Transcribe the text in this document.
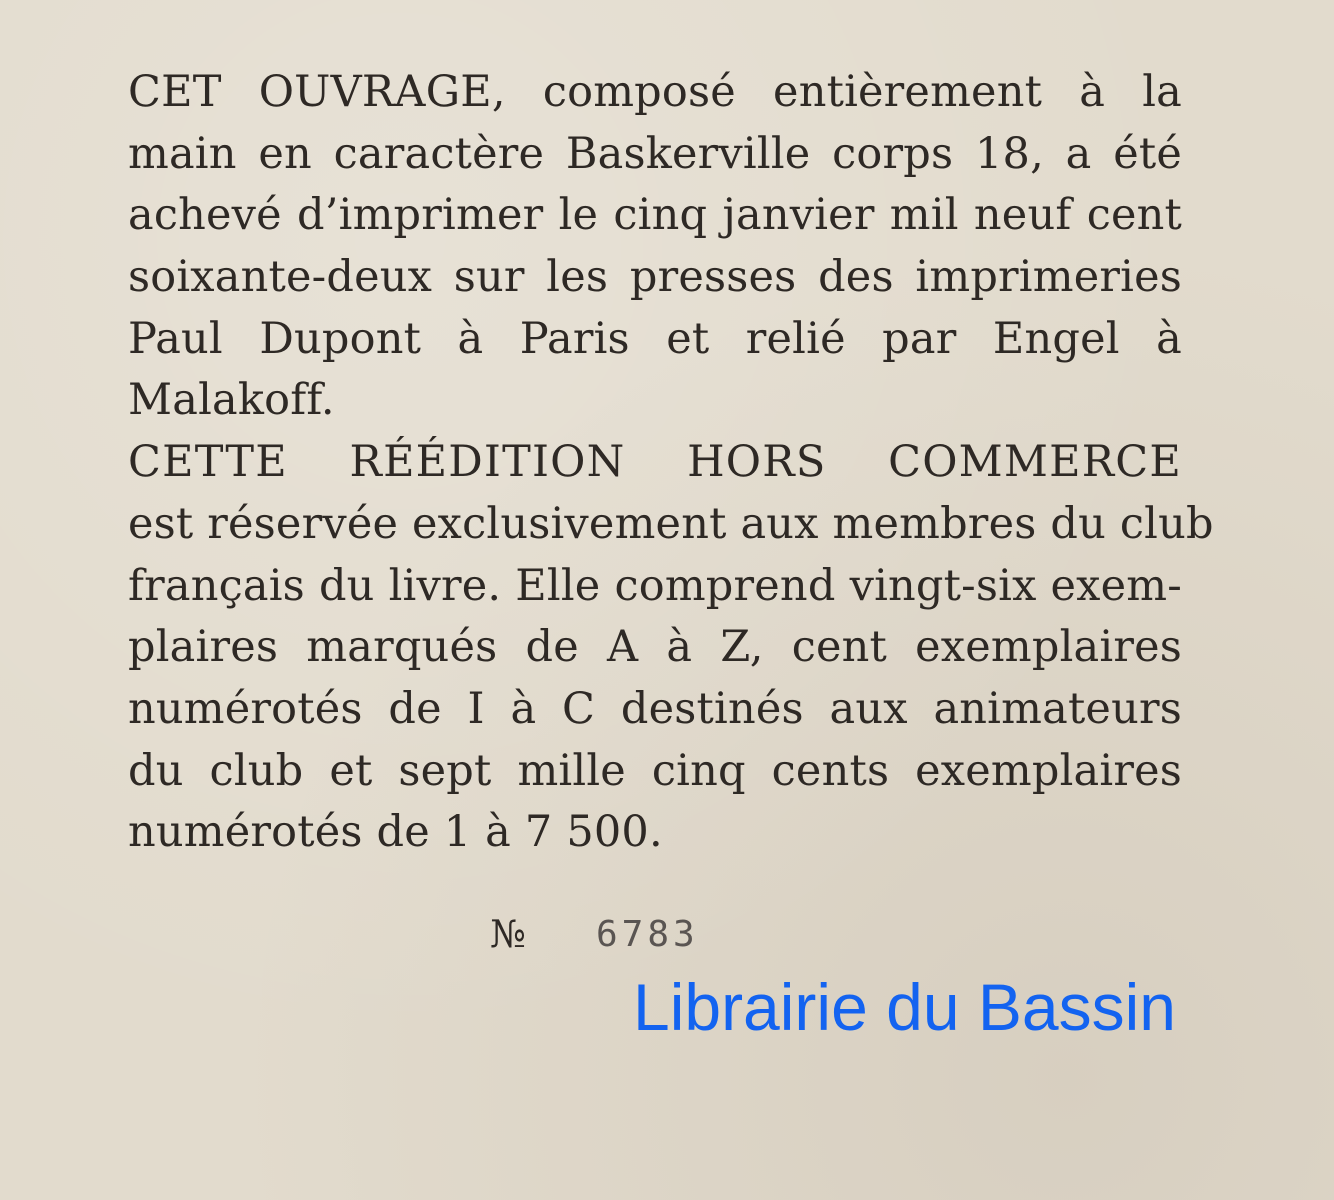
CET OUVRAGE, composé entièrement à la
main en caractère Baskerville corps 18, a été
achevé d’imprimer le cinq janvier mil neuf cent
soixante-deux sur les presses des imprimeries
Paul Dupont à Paris et relié par Engel à
Malakoff.
CETTE RÉÉDITION HORS COMMERCE
est réservée exclusivement aux membres du club
français du livre. Elle comprend vingt-six exem-
plaires marqués de A à Z, cent exemplaires
numérotés de I à C destinés aux animateurs
du club et sept mille cinq cents exemplaires
numérotés de 1 à 7 500.
№ 6783
Librairie du Bassin
